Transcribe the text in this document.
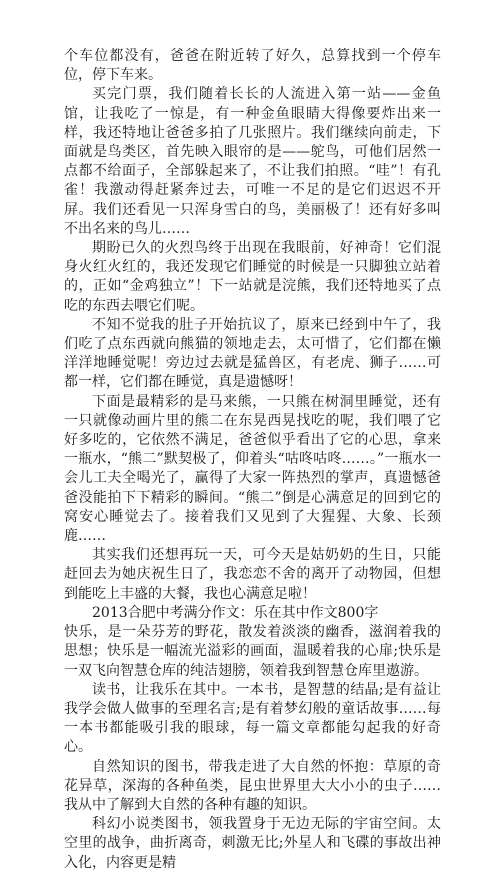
个车位都没有，爸爸在附近转了好久，总算找到一个停车位，停下车来。

买完门票，我们随着长长的人流进入第一站——金鱼馆，让我吃了一惊是，有一种金鱼眼睛大得像要炸出来一样，我还特地让爸爸多拍了几张照片。我们继续向前走，下面就是鸟类区，首先映入眼帘的是——鸵鸟，可他们居然一点都不给面子，全部躲起来了，不让我们拍照。“哇”！有孔雀！我激动得赶紧奔过去，可唯一不足的是它们迟迟不开屏。我们还看见一只浑身雪白的鸟，美丽极了！还有好多叫不出名来的鸟儿……

期盼已久的火烈鸟终于出现在我眼前，好神奇！它们混身火红火红的，我还发现它们睡觉的时候是一只脚独立站着的，正如“金鸡独立”！下一站就是浣熊，我们还特地买了点吃的东西去喂它们呢。

不知不觉我的肚子开始抗议了，原来已经到中午了，我们吃了点东西就向熊猫的领地走去，太可惜了，它们都在懒洋洋地睡觉呢！旁边过去就是猛兽区，有老虎、狮子……可都一样，它们都在睡觉，真是遗憾呀！

下面是最精彩的是马来熊，一只熊在树洞里睡觉，还有一只就像动画片里的熊二在东晃西晃找吃的呢，我们喂了它好多吃的，它依然不满足，爸爸似乎看出了它的心思，拿来一瓶水，“熊二”默契极了，仰着头“咕咚咕咚……。”一瓶水一会儿工夫全喝光了，赢得了大家一阵热烈的掌声，真遗憾爸爸没能拍下下精彩的瞬间。“熊二”倒是心满意足的回到它的窝安心睡觉去了。接着我们又见到了大猩猩、大象、长颈鹿……

其实我们还想再玩一天，可今天是姑奶奶的生日，只能赶回去为她庆祝生日了，我恋恋不舍的离开了动物园，但想到能吃上丰盛的大餐，我也心满意足啦！

2013合肥中考满分作文：乐在其中作文800字

快乐，是一朵芬芳的野花，散发着淡淡的幽香，滋润着我的思想；快乐是一幅流光溢彩的画面，温暖着我的心扉;快乐是一双飞向智慧仓库的纯洁翅膀，领着我到智慧仓库里遨游。

读书，让我乐在其中。一本书，是智慧的结晶;是有益让我学会做人做事的至理名言;是有着梦幻般的童话故事……每一本书都能吸引我的眼球，每一篇文章都能勾起我的好奇心。

自然知识的图书，带我走进了大自然的怀抱：草原的奇花异草，深海的各种鱼类，昆虫世界里大大小小的虫子……我从中了解到大自然的各种有趣的知识。

科幻小说类图书，领我置身于无边无际的宇宙空间。太空里的战争，曲折离奇，刺激无比;外星人和飞碟的事故出神入化，内容更是精
